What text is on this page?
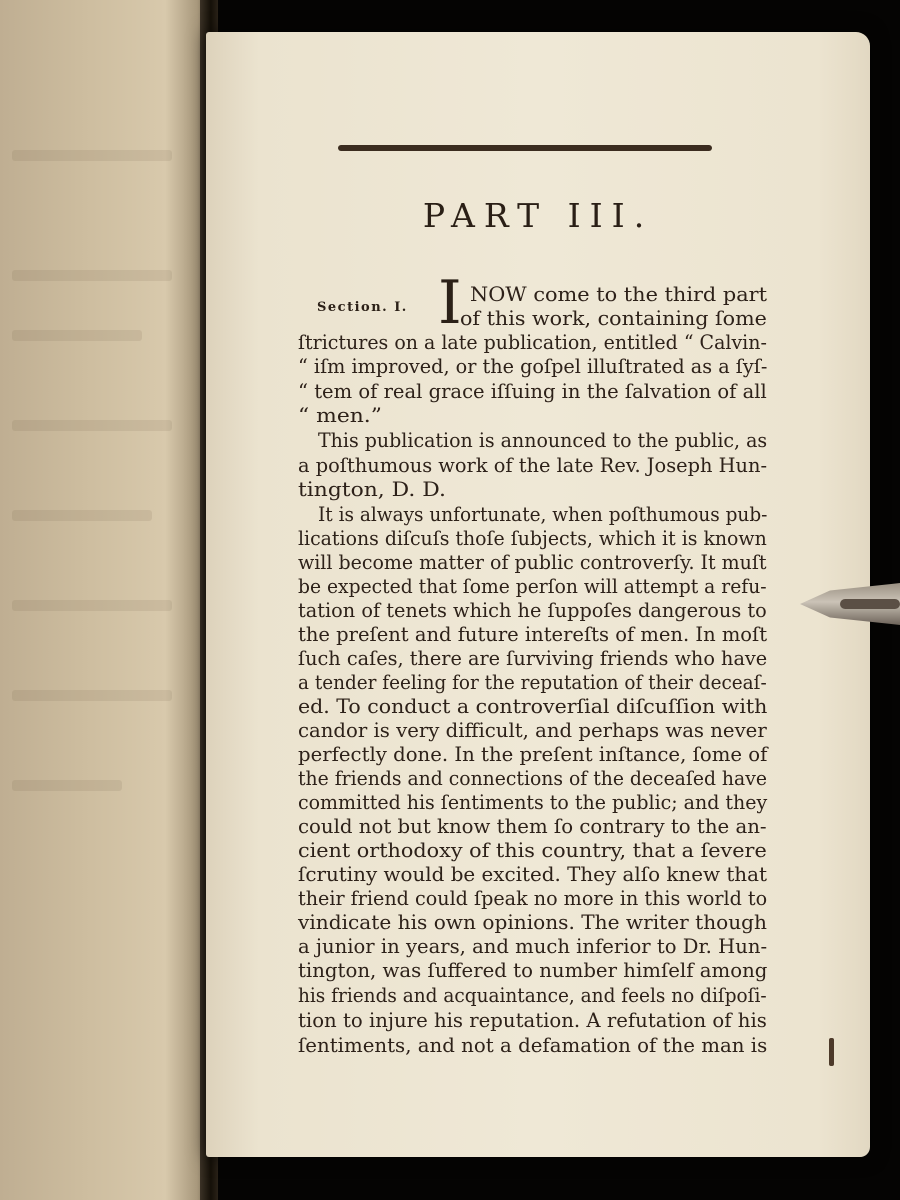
PART III.
Section. I. I NOW come to the third part
of this work, containing ſome
ſtrictures on a late publication, entitled “ Calvin-
“ iſm improved, or the goſpel illuſtrated as a ſyſ-
“ tem of real grace iſſuing in the ſalvation of all
“ men.”
This publication is announced to the public, as
a poſthumous work of the late Rev. Joseph Hun-
tington, D. D.
It is always unfortunate, when poſthumous pub-
lications diſcuſs thoſe ſubjects, which it is known
will become matter of public controverſy. It muſt
be expected that ſome perſon will attempt a refu-
tation of tenets which he ſuppoſes dangerous to
the preſent and future intereſts of men. In moſt
ſuch caſes, there are ſurviving friends who have
a tender feeling for the reputation of their deceaſ-
ed. To conduct a controverſial diſcuſſion with
candor is very difficult, and perhaps was never
perfectly done. In the preſent inſtance, ſome of
the friends and connections of the deceaſed have
committed his ſentiments to the public; and they
could not but know them ſo contrary to the an-
cient orthodoxy of this country, that a ſevere
ſcrutiny would be excited. They alſo knew that
their friend could ſpeak no more in this world to
vindicate his own opinions. The writer though
a junior in years, and much inferior to Dr. Hun-
tington, was ſuffered to number himſelf among
his friends and acquaintance, and feels no diſpoſi-
tion to injure his reputation. A refutation of his
ſentiments, and not a defamation of the man is
